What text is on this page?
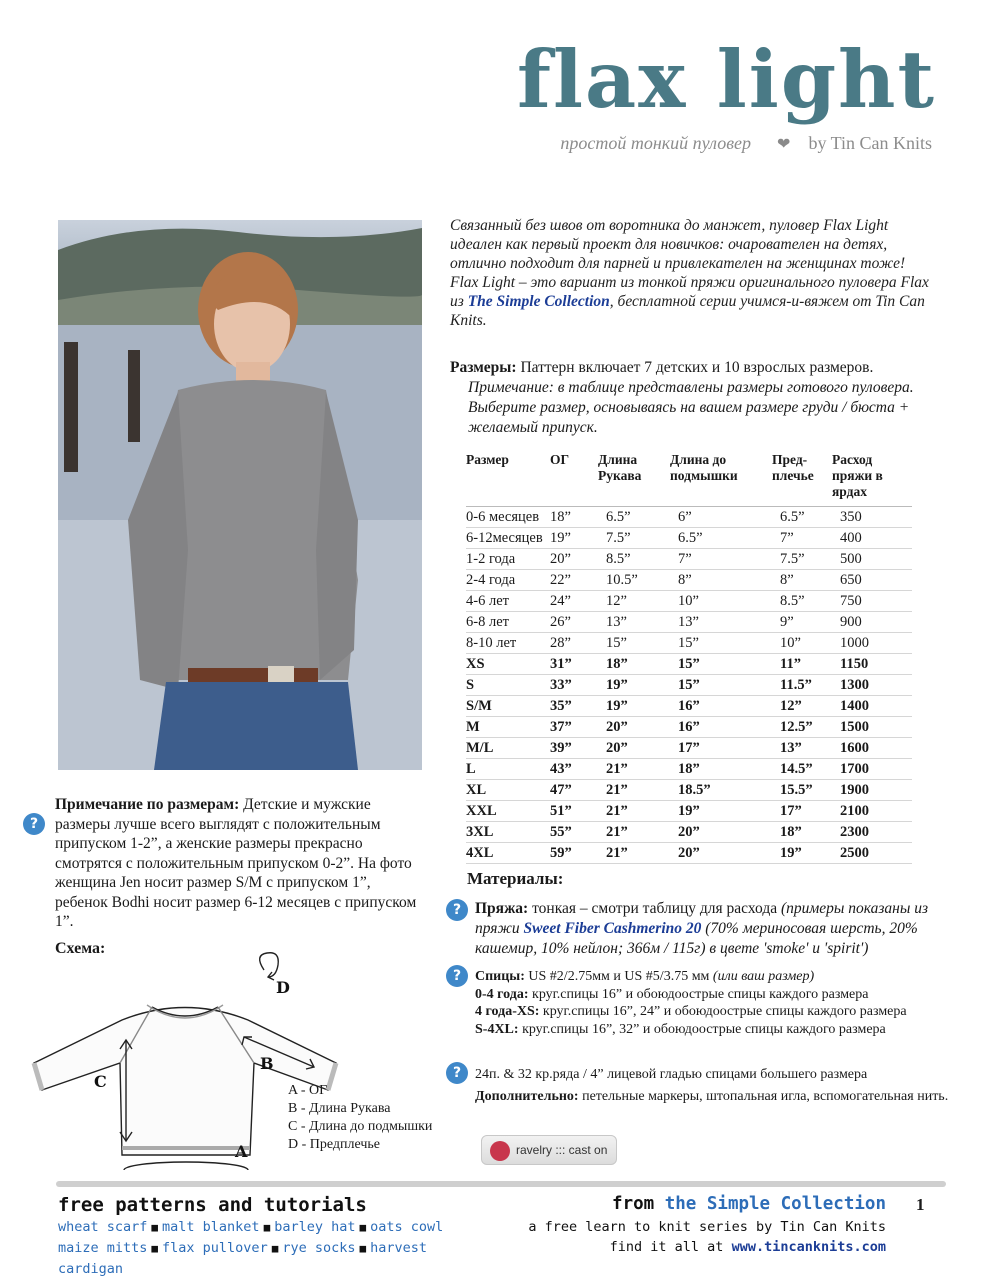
flax light
простой тонкий пуловер ❤ by Tin Can Knits
Связанный без швов от воротника до манжет, пуловер Flax Light идеален как первый проект для новичков: очарователен на детях, отлично подходит для парней и привлекателен на женщинах тоже!
Flax Light – это вариант из тонкой пряжи оригинального пуловера Flax из The Simple Collection, бесплатной серии учимся-и-вяжем от Tin Can Knits.
Размеры: Паттерн включает 7 детских и 10 взрослых размеров.
Примечание: в таблице представлены размеры готового пуловера. Выберите размер, основываясь на вашем размере груди / бюста + желаемый припуск.
Размер	ОГ	Длина Рукава	Длина до подмышки	Пред-плечье	Расход пряжи в ярдах
0-6 месяцев	18”	6.5”	6”	6.5”	350
6-12месяцев	19”	7.5”	6.5”	7”	400
1-2 года	20”	8.5”	7”	7.5”	500
2-4 года	22”	10.5”	8”	8”	650
4-6 лет	24”	12”	10”	8.5”	750
6-8 лет	26”	13”	13”	9”	900
8-10 лет	28”	15”	15”	10”	1000
XS	31”	18”	15”	11”	1150
S	33”	19”	15”	11.5”	1300
S/M	35”	19”	16”	12”	1400
M	37”	20”	16”	12.5”	1500
M/L	39”	20”	17”	13”	1600
L	43”	21”	18”	14.5”	1700
XL	47”	21”	18.5”	15.5”	1900
XXL	51”	21”	19”	17”	2100
3XL	55”	21”	20”	18”	2300
4XL	59”	21”	20”	19”	2500
?
Примечание по размерам: Детские и мужские размеры лучше всего выглядят с положительным припуском 1-2”, а женские размеры прекрасно смотрятся с положительным припуском 0-2”. На фото женщина Jen носит размер S/M с припуском 1”, ребенок Bodhi носит размер 6-12 месяцев с припуском 1”.
Схема:
C
B
A
D
A - ОГ
B - Длина Рукава
C - Длина до подмышки
D - Предплечье
Материалы:
? Пряжа: тонкая – смотри таблицу для расхода (примеры показаны из пряжи Sweet Fiber Cashmerino 20 (70% мериносовая шерсть, 20% кашемир, 10% нейлон; 366м / 115г) в цвете 'smoke' и 'spirit')
? Спицы: US #2/2.75мм и US #5/3.75 мм (или ваш размер)
0-4 года: круг.спицы 16” и обоюдоострые спицы каждого размера
4 года-XS: круг.спицы 16”, 24” и обоюдоострые спицы каждого размера
S-4XL: круг.спицы 16”, 32” и обоюдоострые спицы каждого размера
? 24п. & 32 кр.ряда / 4” лицевой гладью спицами большего размера
Дополнительно: петельные маркеры, штопальная игла, вспомогательная нить.
ravelry ::: cast on
free patterns and tutorials
wheat scarf ■ malt blanket ■ barley hat ■ oats cowl
maize mitts ■ flax pullover ■ rye socks ■ harvest cardigan
from the Simple Collection
a free learn to knit series by Tin Can Knits
find it all at www.tincanknits.com
1
